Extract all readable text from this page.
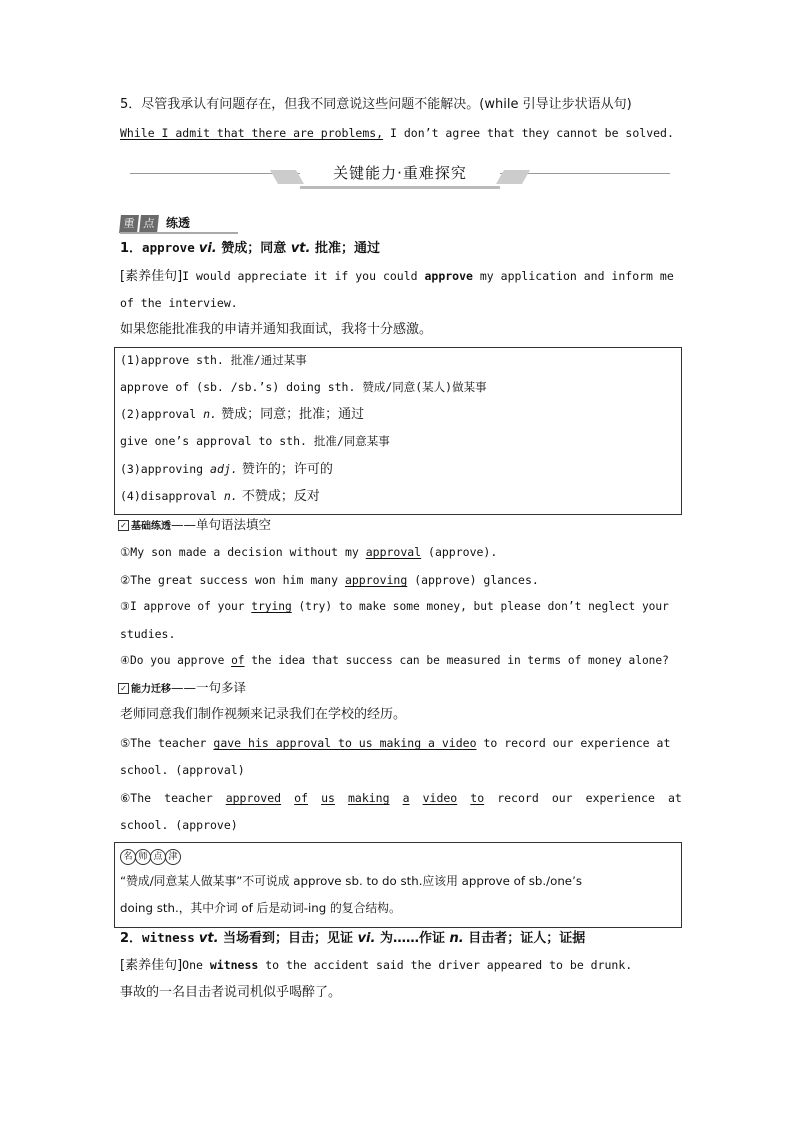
5．尽管我承认有问题存在，但我不同意说这些问题不能解决。(while 引导让步状语从句)
While I admit that there are problems, I don’t agree that they cannot be solved.
关键能力·重难探究
重 点 练透
1．approve vi. 赞成；同意 vt. 批准；通过
[素养佳句]I would appreciate it if you could approve my application and inform me
of the interview.
如果您能批准我的申请并通知我面试，我将十分感激。
(1)approve sth. 批准/通过某事
approve of (sb. /sb.’s) doing sth. 赞成/同意(某人)做某事
(2)approval n. 赞成；同意；批准；通过
give one’s approval to sth. 批准/同意某事
(3)approving adj. 赞许的；许可的
(4)disapproval n. 不赞成；反对
✓ 基础练透——单句语法填空
①My son made a decision without my approval (approve).
②The great success won him many approving (approve) glances.
③I approve of your trying (try) to make some money, but please don’t neglect your
studies.
④Do you approve of the idea that success can be measured in terms of money alone?
✓ 能力迁移——一句多译
老师同意我们制作视频来记录我们在学校的经历。
⑤The teacher gave his approval to us making a video to record our experience at
school. (approval)
⑥The teacher approved of us making a video to record our experience at
school. (approve)
名 师 点 津
“赞成/同意某人做某事”不可说成 approve sb. to do sth.应该用 approve of sb./one’s
doing sth.，其中介词 of 后是动词-ing 的复合结构。
2．witness vt. 当场看到；目击；见证 vi. 为……作证 n. 目击者；证人；证据
[素养佳句]One witness to the accident said the driver appeared to be drunk.
事故的一名目击者说司机似乎喝醉了。
